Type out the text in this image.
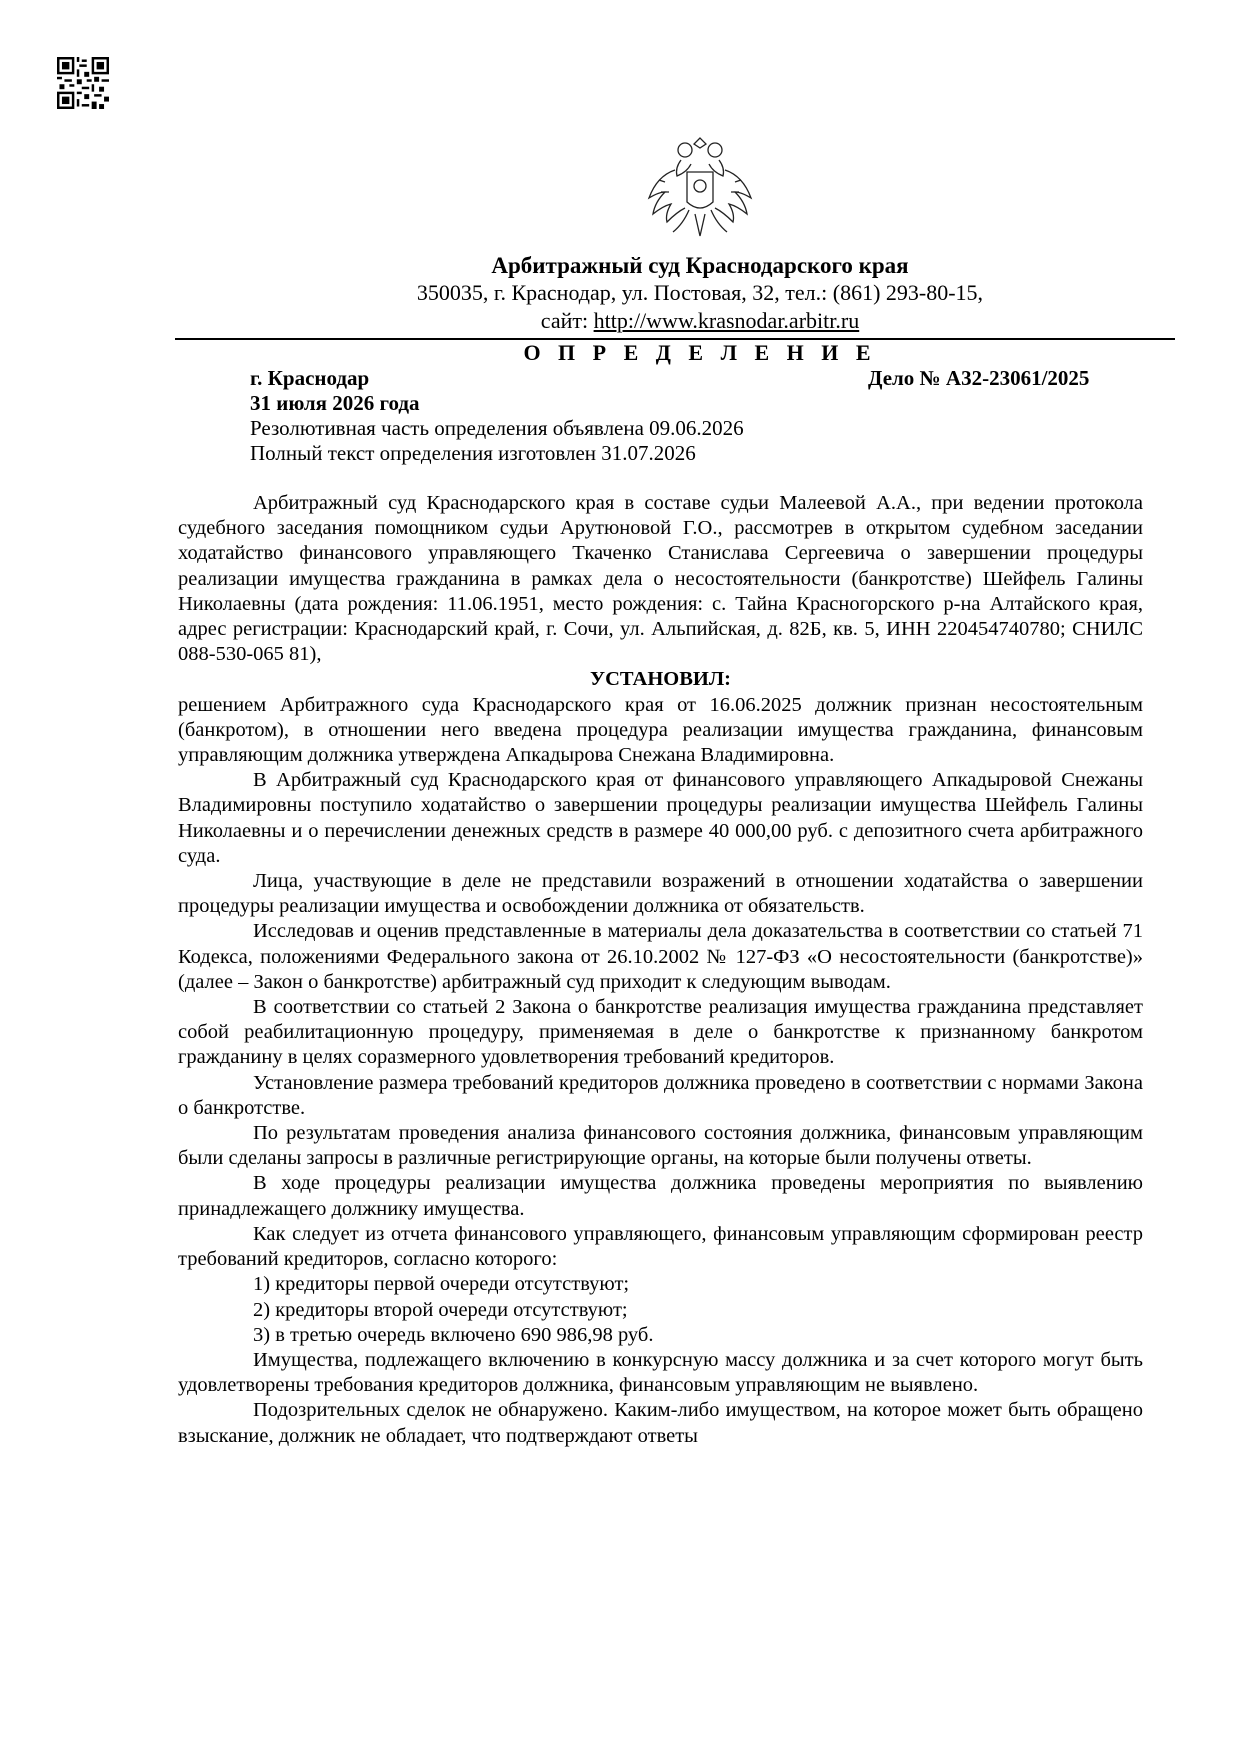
Арбитражный суд Краснодарского края
350035, г. Краснодар, ул. Постовая, 32, тел.: (861) 293-80-15,
сайт: http://www.krasnodar.arbitr.ru
О П Р Е Д Е Л Е Н И Е
г. Краснодар
31 июля 2026 года
Резолютивная часть определения объявлена 09.06.2026
Полный текст определения изготовлен 31.07.2026
Дело № А32-23061/2025

Арбитражный суд Краснодарского края в составе судьи Малеевой А.А., при ведении протокола судебного заседания помощником судьи Арутюновой Г.О., рассмотрев в открытом судебном заседании ходатайство финансового управляющего Ткаченко Станислава Сергеевича о завершении процедуры реализации имущества гражданина в рамках дела о несостоятельности (банкротстве) Шейфель Галины Николаевны (дата рождения: 11.06.1951, место рождения: с. Тайна Красногорского р-на Алтайского края, адрес регистрации: Краснодарский край, г. Сочи, ул. Альпийская, д. 82Б, кв. 5, ИНН 220454740780; СНИЛС 088-530-065 81),

УСТАНОВИЛ:

решением Арбитражного суда Краснодарского края от 16.06.2025 должник признан несостоятельным (банкротом), в отношении него введена процедура реализации имущества гражданина, финансовым управляющим должника утверждена Апкадырова Снежана Владимировна.

В Арбитражный суд Краснодарского края от финансового управляющего Апкадыровой Снежаны Владимировны поступило ходатайство о завершении процедуры реализации имущества Шейфель Галины Николаевны и о перечислении денежных средств в размере 40 000,00 руб. с депозитного счета арбитражного суда.

Лица, участвующие в деле не представили возражений в отношении ходатайства о завершении процедуры реализации имущества и освобождении должника от обязательств.

Исследовав и оценив представленные в материалы дела доказательства в соответствии со статьей 71 Кодекса, положениями Федерального закона от 26.10.2002 № 127-ФЗ «О несостоятельности (банкротстве)» (далее – Закон о банкротстве) арбитражный суд приходит к следующим выводам.

В соответствии со статьей 2 Закона о банкротстве реализация имущества гражданина представляет собой реабилитационную процедуру, применяемая в деле о банкротстве к признанному банкротом гражданину в целях соразмерного удовлетворения требований кредиторов.

Установление размера требований кредиторов должника проведено в соответствии с нормами Закона о банкротстве.

По результатам проведения анализа финансового состояния должника, финансовым управляющим были сделаны запросы в различные регистрирующие органы, на которые были получены ответы.

В ходе процедуры реализации имущества должника проведены мероприятия по выявлению принадлежащего должнику имущества.

Как следует из отчета финансового управляющего, финансовым управляющим сформирован реестр требований кредиторов, согласно которого:

1) кредиторы первой очереди отсутствуют;

2) кредиторы второй очереди отсутствуют;

3) в третью очередь включено 690 986,98 руб.

Имущества, подлежащего включению в конкурсную массу должника и за счет которого могут быть удовлетворены требования кредиторов должника, финансовым управляющим не выявлено.

Подозрительных сделок не обнаружено. Каким-либо имуществом, на которое может быть обращено взыскание, должник не обладает, что подтверждают ответы
